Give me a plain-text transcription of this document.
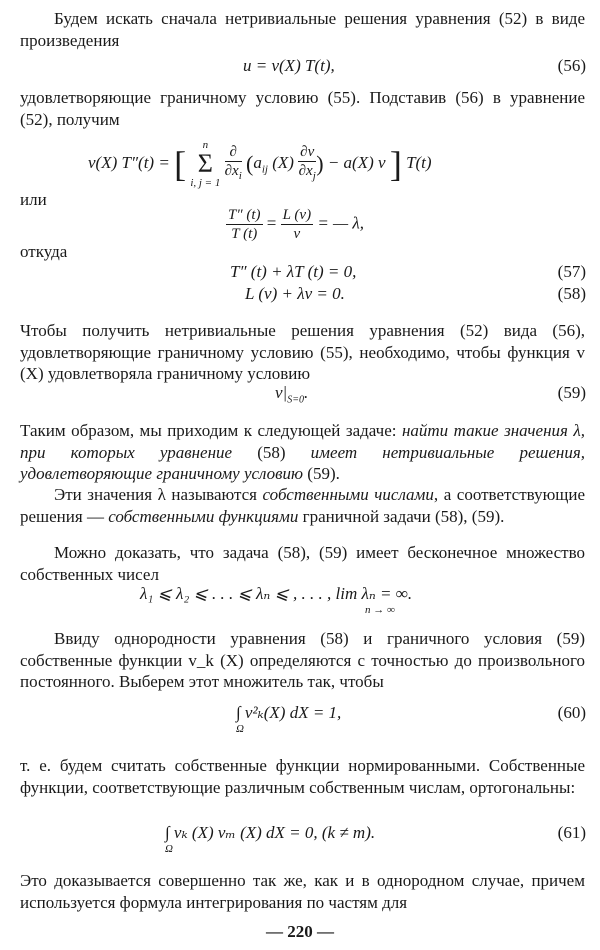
Будем искать сначала нетривиальные решения уравнения (52) в виде произведения

u = v(X) T(t),	(56)

удовлетворяющие граничному условию (55). Подставив (56) в уравнение (52), получим

v(X) T″(t) = [	n
Σ
i, j = 1
$\frac{\partial}{\partial x_i} (a_{ij}$ $(X) \frac{\partial v}{\partial x_j}$ ) − a(X) v ] T(t)
или
$\frac{T'' (t)}{T (t)} = \frac{L (v)}{v}$ = — λ,
откуда
T″ (t) + λT (t) = 0,	(57)
L (v) + λv = 0.	(58)

Чтобы получить нетривиальные решения уравнения (52) вида (56), удовлетворяющие граничному условию (55), необходимо, чтобы функция v (X) удовлетворяла граничному условию

$v|_{S=0}$.	(59)

Таким образом, мы приходим к следующей задаче: найти такие значения λ, при которых уравнение (58) имеет нетривиальные решения, удовлетворяющие граничному условию (59).

Эти значения λ называются собственными числами, а соответствующие решения — собственными функциями граничной задачи (58), (59).

Можно доказать, что задача (58), (59) имеет бесконечное множество собственных чисел

λ₁ ⩽ λ₂ ⩽ . . . ⩽ λₙ ⩽ , . . . , lim λₙ = ∞.
n → ∞

Ввиду однородности уравнения (58) и граничного условия (59) собственные функции v_k (X) определяются с точностью до произвольного постоянного. Выберем этот множитель так, чтобы

∫ v²ₖ(X) dX = 1,
Ω
(60)

т. е. будем считать собственные функции нормированными. Собственные функции, соответствующие различным собственным числам, ортогональны:

∫ vₖ (X) vₘ (X) dX = 0, (k ≠ m).
Ω
(61)

Это доказывается совершенно так же, как и в однородном случае, причем используется формула интегрирования по частям для

— 220 —
